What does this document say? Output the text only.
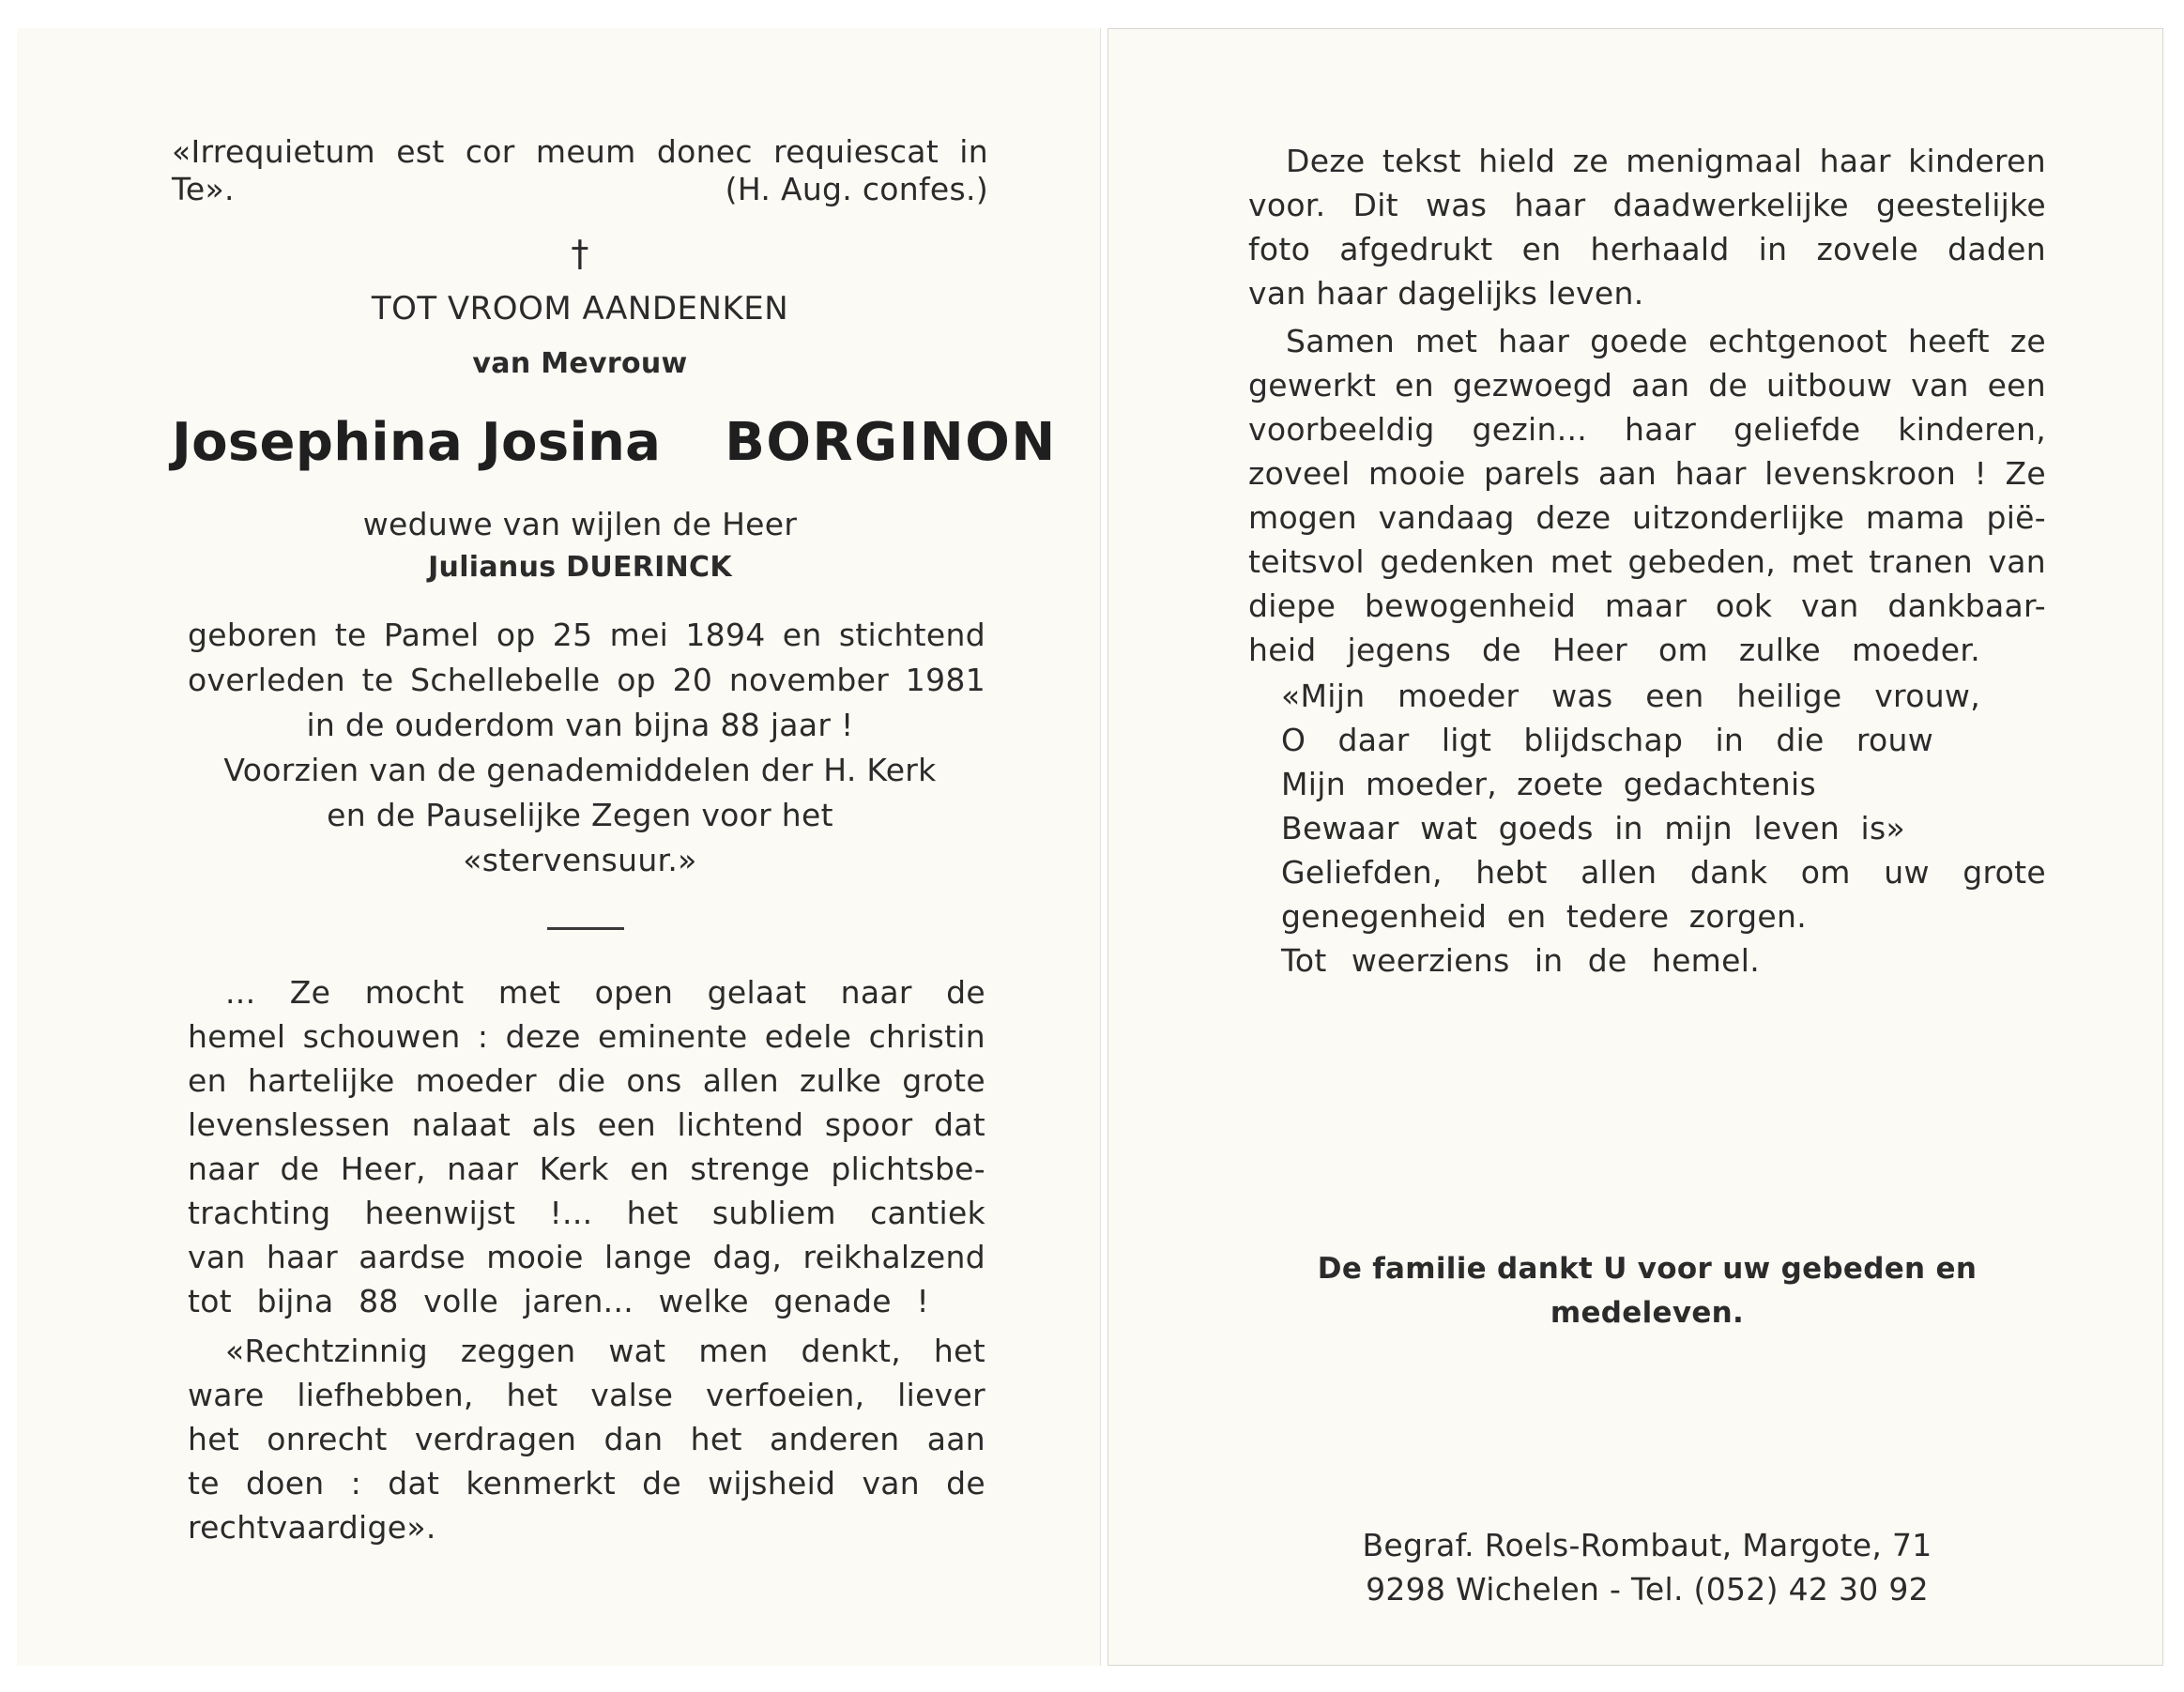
«Irrequietum est cor meum donec requiescat in

Te».	(H. Aug. confes.)

†

TOT VROOM AANDENKEN

van Mevrouw

Josephina Josina BORGINON

weduwe van wijlen de Heer

Julianus DUERINCK

geboren te Pamel op 25 mei 1894 en stichtend

overleden te Schellebelle op 20 november 1981

in de ouderdom van bijna 88 jaar !

Voorzien van de genademiddelen der H. Kerk

en de Pauselijke Zegen voor het

«stervensuur.»

... Ze mocht met open gelaat naar de

hemel schouwen : deze eminente edele christin

en hartelijke moeder die ons allen zulke grote

levenslessen nalaat als een lichtend spoor dat

naar de Heer, naar Kerk en strenge plichtsbe-

trachting heenwijst !... het subliem cantiek

van haar aardse mooie lange dag, reikhalzend

tot bijna 88 volle jaren... welke genade !

«Rechtzinnig zeggen wat men denkt, het

ware liefhebben, het valse verfoeien, liever

het onrecht verdragen dan het anderen aan

te doen : dat kenmerkt de wijsheid van de

rechtvaardige».

Deze tekst hield ze menigmaal haar kinderen

voor. Dit was haar daadwerkelijke geestelijke

foto afgedrukt en herhaald in zovele daden

van haar dagelijks leven.

Samen met haar goede echtgenoot heeft ze

gewerkt en gezwoegd aan de uitbouw van een

voorbeeldig gezin... haar geliefde kinderen,

zoveel mooie parels aan haar levenskroon ! Ze

mogen vandaag deze uitzonderlijke mama pië-

teitsvol gedenken met gebeden, met tranen van

diepe bewogenheid maar ook van dankbaar-

heid jegens de Heer om zulke moeder.

«Mijn moeder was een heilige vrouw,

O daar ligt blijdschap in die rouw

Mijn moeder, zoete gedachtenis

Bewaar wat goeds in mijn leven is»

Geliefden, hebt allen dank om uw grote

genegenheid en tedere zorgen.

Tot weerziens in de hemel.

De familie dankt U voor uw gebeden en

medeleven.

Begraf. Roels-Rombaut, Margote, 71

9298 Wichelen - Tel. (052) 42 30 92
